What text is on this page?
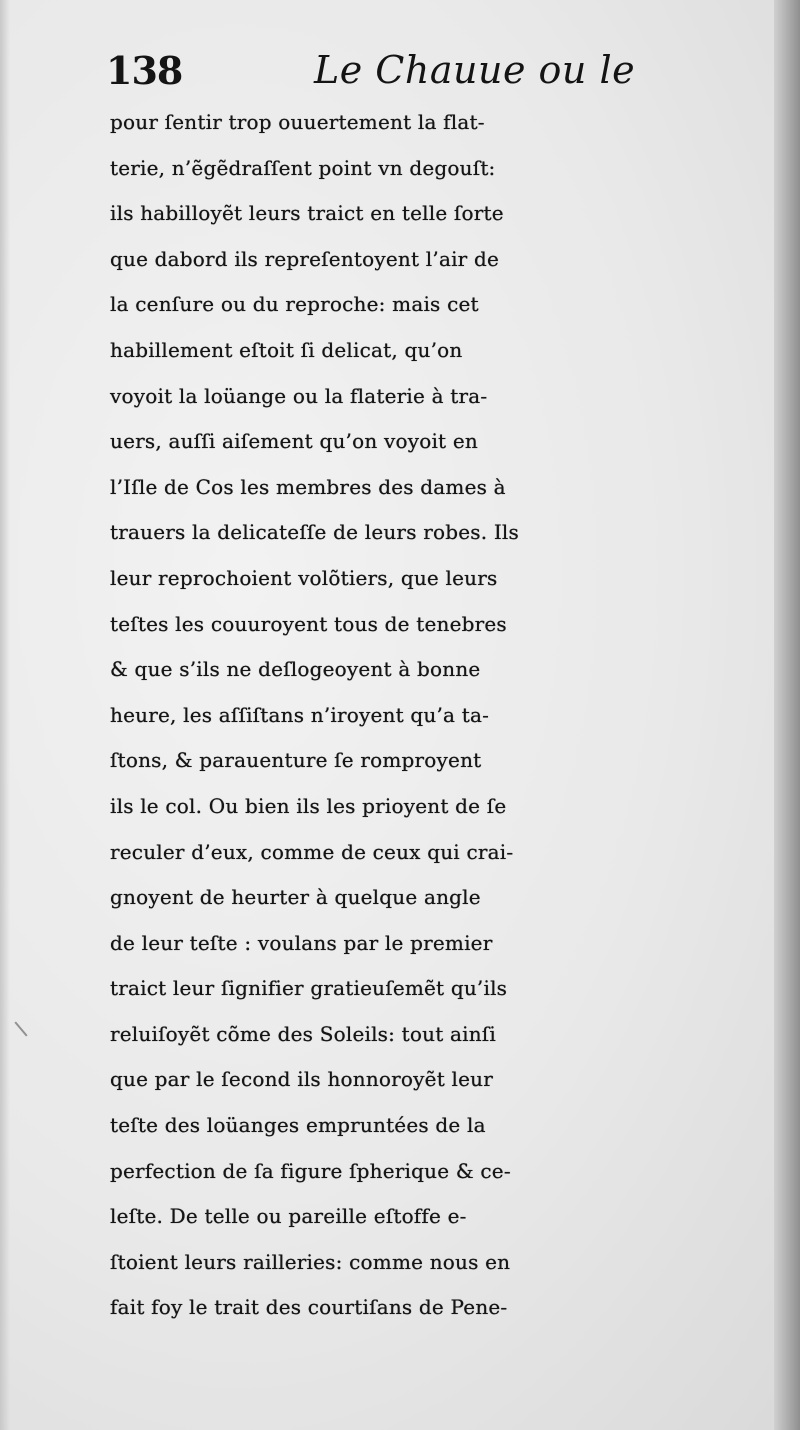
138	Le Chauue ou le
pour ſentir trop ouuertement la flat-
terie, n’ẽgẽdraſſent point vn degouſt:
ils habilloyẽt leurs traict en telle ſorte
que dabord ils repreſentoyent l’air de
la cenſure ou du reproche: mais cet
habillement eſtoit ſi delicat, qu’on
voyoit la loüange ou la flaterie à tra-
uers, auſſi aiſement qu’on voyoit en
l’Iſle de Cos les membres des dames à
trauers la delicateſſe de leurs robes. Ils
leur reprochoient volõtiers, que leurs
teſtes les couuroyent tous de tenebres
& que s’ils ne deſlogeoyent à bonne
heure, les aſſiſtans n’iroyent qu’a ta-
ſtons, & parauenture ſe romproyent
ils le col. Ou bien ils les prioyent de ſe
reculer d’eux, comme de ceux qui crai-
gnoyent de heurter à quelque angle
de leur teſte : voulans par le premier
traict leur ſignifier gratieuſemẽt qu’ils
reluiſoyẽt cõme des Soleils: tout ainſi
que par le ſecond ils honnoroyẽt leur
teſte des loüanges empruntées de la
perfection de ſa figure ſpherique & ce-
leſte. De telle ou pareille eſtoffe e-
ſtoient leurs railleries: comme nous en
fait foy le trait des courtiſans de Pene-
